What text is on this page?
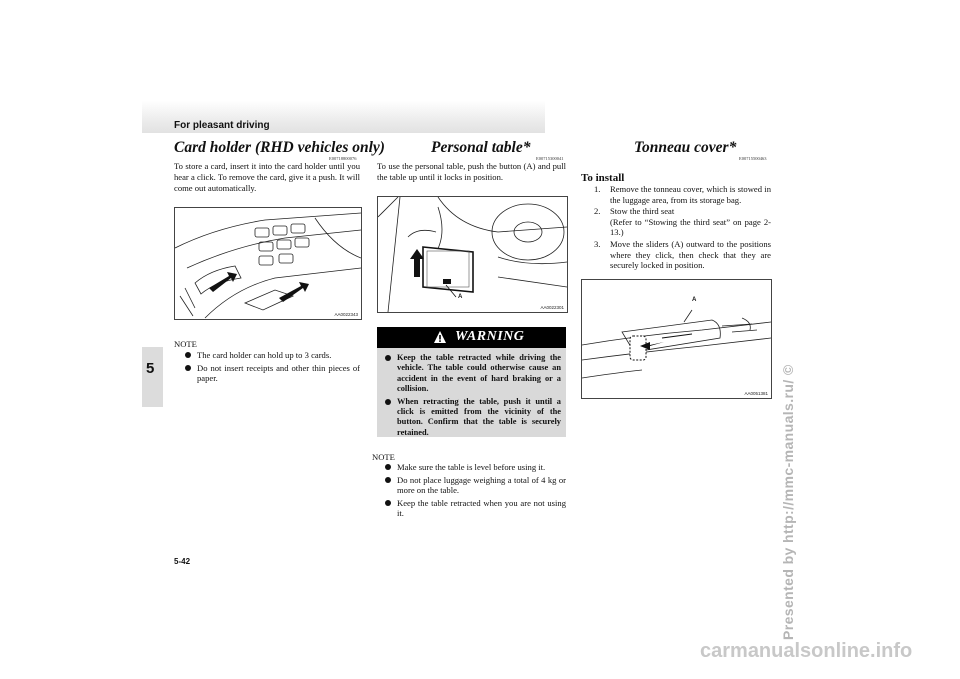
For pleasant driving
5
Card holder (RHD vehicles only)
E00718800076
To store a card, insert it into the card holder until you hear a click. To remove the card, give it a push. It will come out automatically.
AA0022343
NOTE
The card holder can hold up to 3 cards.
Do not insert receipts and other thin pieces of paper.
Personal table*
E00715300041
To use the personal table, push the button (A) and pull the table up until it locks in position.
A
AA0022301
WARNING
Keep the table retracted while driving the vehicle. The table could otherwise cause an accident in the event of hard braking or a collision.
When retracting the table, push it until a click is emitted from the vicinity of the button. Confirm that the table is securely retained.
NOTE
Make sure the table is level before using it.
Do not place luggage weighing a total of 4 kg or more on the table.
Keep the table retracted when you are not using it.
Tonneau cover*
E00715500463
To install
1. Remove the tonneau cover, which is stowed in the luggage area, from its storage bag.
2. Stow the third seat
(Refer to “Stowing the third seat” on page 2-13.)
3. Move the sliders (A) outward to the positions where they click, then check that they are securely locked in position.
A
AA0051381
5-42	Presented by http://mmc-manuals.ru/ ©
carmanualsonline.info
